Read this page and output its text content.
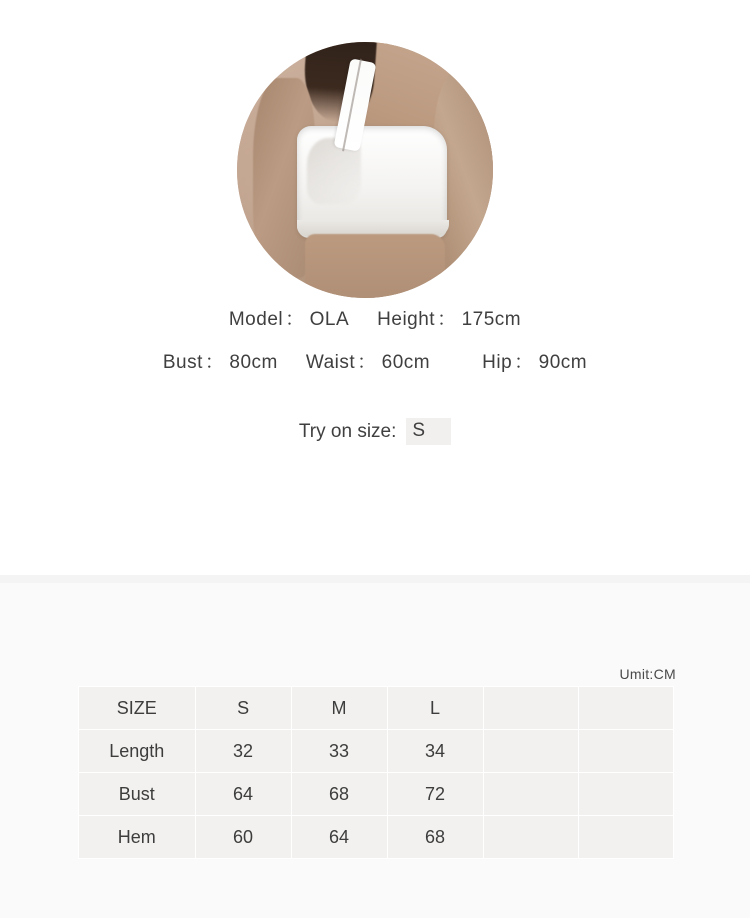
Model ： OLA Height ： 175cm
Bust ： 80cm Waist ： 60cm	Hip ： 90cm
Try on size: S
Umit:CM
SIZE	S	M	L		
Length	32	33	34		
Bust	64	68	72		
Hem	60	64	68		
